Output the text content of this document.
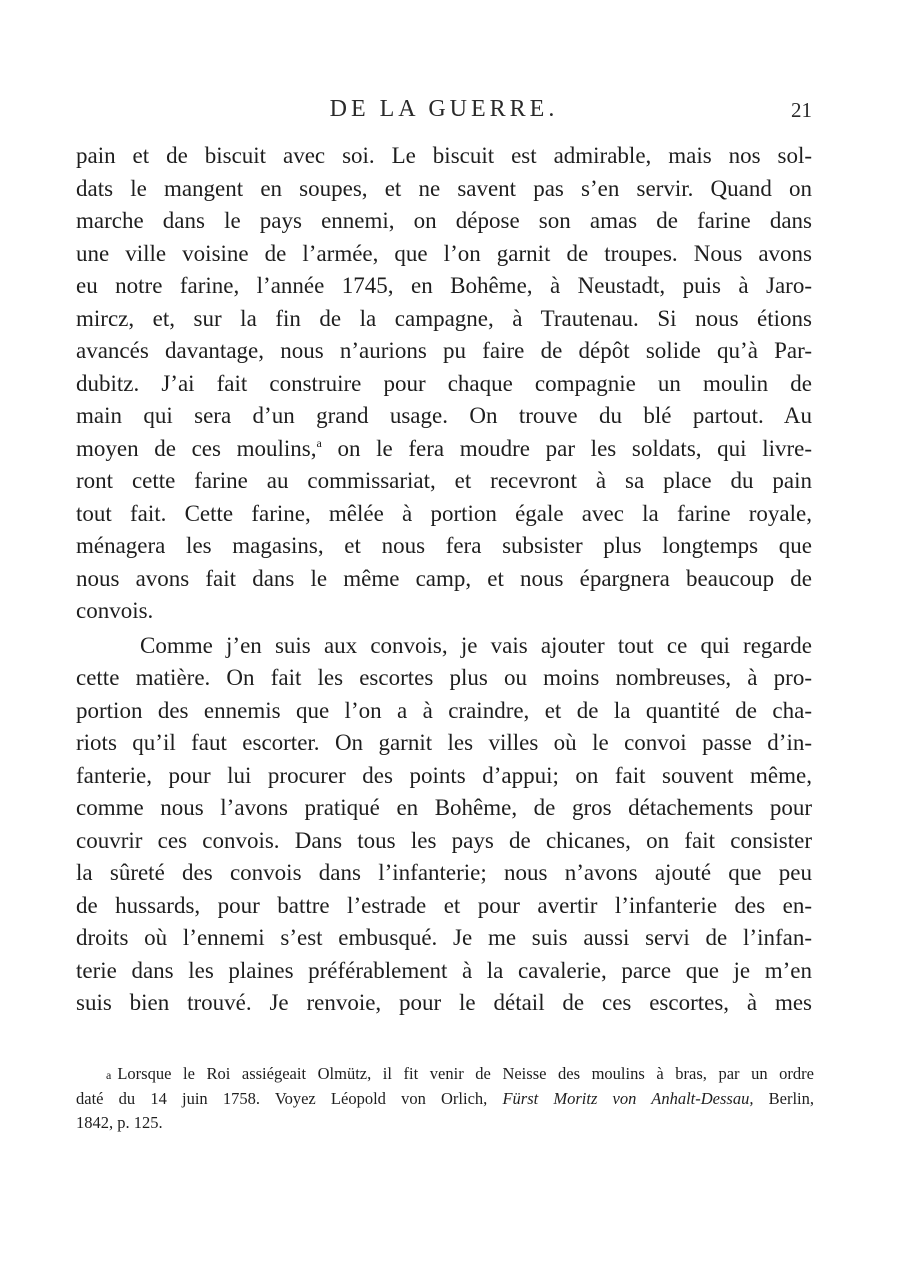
DE LA GUERRE.	21
pain et de biscuit avec soi. Le biscuit est admirable, mais nos sol-
dats le mangent en soupes, et ne savent pas s’en servir. Quand on
marche dans le pays ennemi, on dépose son amas de farine dans
une ville voisine de l’armée, que l’on garnit de troupes. Nous avons
eu notre farine, l’année 1745, en Bohême, à Neustadt, puis à Jaro-
mircz, et, sur la fin de la campagne, à Trautenau. Si nous étions
avancés davantage, nous n’aurions pu faire de dépôt solide qu’à Par-
dubitz. J’ai fait construire pour chaque compagnie un moulin de
main qui sera d’un grand usage. On trouve du blé partout. Au
moyen de ces moulins,$^a$ on le fera moudre par les soldats, qui livre-
ront cette farine au commissariat, et recevront à sa place du pain
tout fait. Cette farine, mêlée à portion égale avec la farine royale,
ménagera les magasins, et nous fera subsister plus longtemps que
nous avons fait dans le même camp, et nous épargnera beaucoup de
convois.
Comme j’en suis aux convois, je vais ajouter tout ce qui regarde
cette matière. On fait les escortes plus ou moins nombreuses, à pro-
portion des ennemis que l’on a à craindre, et de la quantité de cha-
riots qu’il faut escorter. On garnit les villes où le convoi passe d’in-
fanterie, pour lui procurer des points d’appui; on fait souvent même,
comme nous l’avons pratiqué en Bohême, de gros détachements pour
couvrir ces convois. Dans tous les pays de chicanes, on fait consister
la sûreté des convois dans l’infanterie; nous n’avons ajouté que peu
de hussards, pour battre l’estrade et pour avertir l’infanterie des en-
droits où l’ennemi s’est embusqué. Je me suis aussi servi de l’infan-
terie dans les plaines préférablement à la cavalerie, parce que je m’en
suis bien trouvé. Je renvoie, pour le détail de ces escortes, à mes
a Lorsque le Roi assiégeait Olmütz, il fit venir de Neisse des moulins à bras, par un ordre
daté du 14 juin 1758. Voyez Léopold von Orlich, Fürst Moritz von Anhalt-Dessau, Berlin,
1842, p. 125.
